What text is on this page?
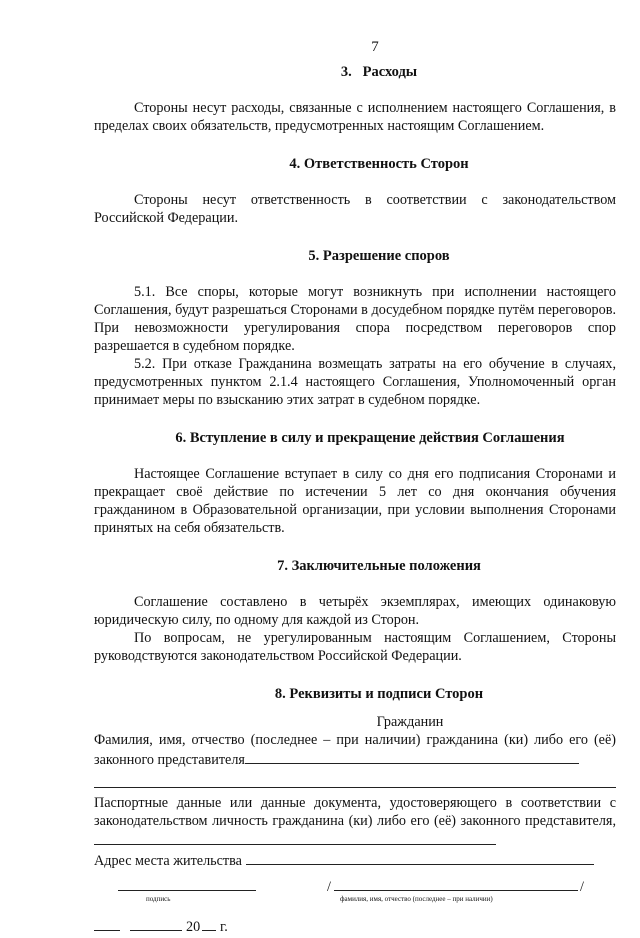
7
3.   Расходы

Стороны несут расходы, связанные с исполнением настоящего Соглашения, в пределах своих обязательств, предусмотренных настоящим Соглашением.

4. Ответственность Сторон

Стороны несут ответственность в соответствии с законодательством Российской Федерации.

5. Разрешение споров

5.1. Все споры, которые могут возникнуть при исполнении настоящего Соглашения, будут разрешаться Сторонами в досудебном порядке путём переговоров. При невозможности урегулирования спора посредством переговоров спор разрешается в судебном порядке.

5.2. При отказе Гражданина возмещать затраты на его обучение в случаях, предусмотренных пунктом 2.1.4 настоящего Соглашения, Уполномоченный орган принимает меры по взысканию этих затрат в судебном порядке.

6. Вступление в силу и прекращение действия Соглашения

Настоящее Соглашение вступает в силу со дня его подписания Сторонами и прекращает своё действие по истечении 5 лет со дня окончания обучения гражданином в Образовательной организации, при условии выполнения Сторонами принятых на себя обязательств.

7. Заключительные положения

Соглашение составлено в четырёх экземплярах, имеющих одинаковую юридическую силу, по одному для каждой из Сторон.

По вопросам, не урегулированным настоящим Соглашением, Стороны руководствуются законодательством Российской Федерации.

8. Реквизиты и подписи Сторон

Гражданин

Фамилия, имя, отчество (последнее – при наличии) гражданина (ки) либо его (её) законного представителя

Паспортные данные или данные документа, удостоверяющего в соответствии с законодательством личность гражданина (ки) либо его (её) законного представителя,

Адрес места жительства

подпись
/	/
фамилия, имя, отчество (последнее – при наличии)
20 г.
